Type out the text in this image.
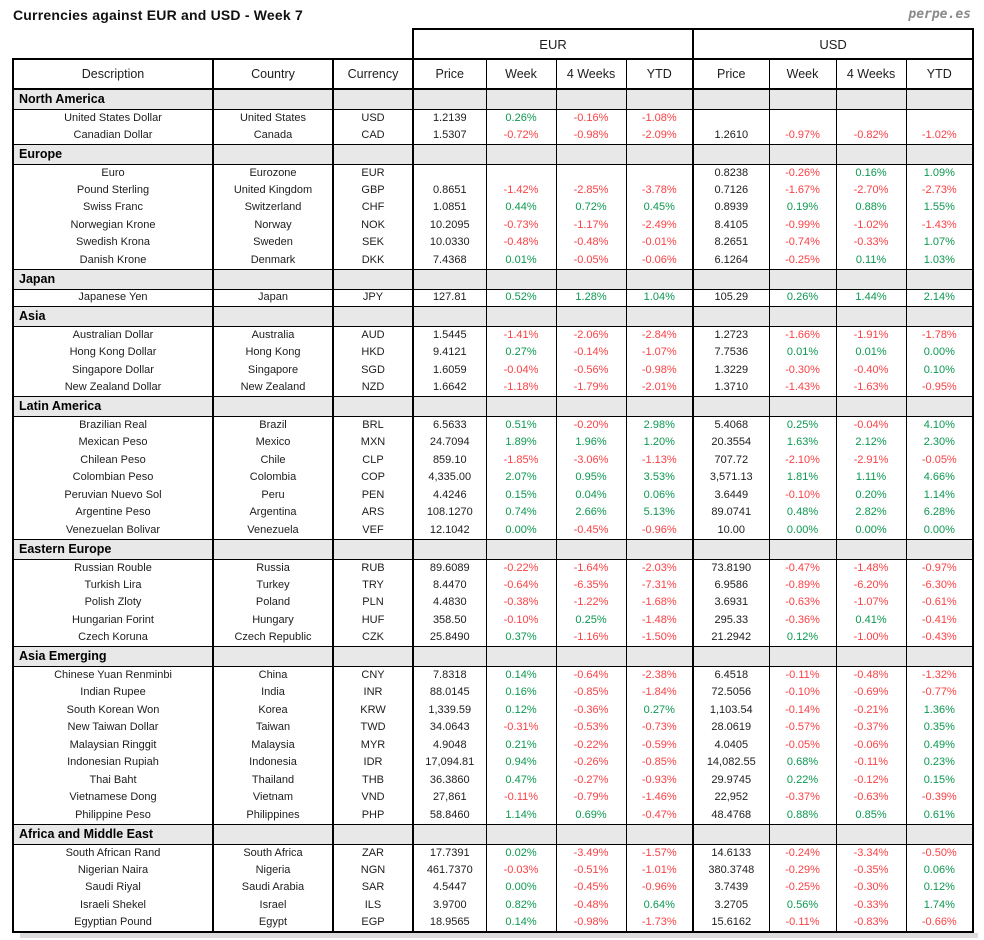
Currencies against EUR and USD - Week 7	perpe.es
			EUR				USD			
Description	Country	Currency	Price	Week	4 Weeks	YTD	Price	Week	4 Weeks	YTD
North America										
United States Dollar	United States	USD	1.2139	0.26%	-0.16%	-1.08%				
Canadian Dollar	Canada	CAD	1.5307	-0.72%	-0.98%	-2.09%	1.2610	-0.97%	-0.82%	-1.02%
Europe										
Euro	Eurozone	EUR					0.8238	-0.26%	0.16%	1.09%
Pound Sterling	United Kingdom	GBP	0.8651	-1.42%	-2.85%	-3.78%	0.7126	-1.67%	-2.70%	-2.73%
Swiss Franc	Switzerland	CHF	1.0851	0.44%	0.72%	0.45%	0.8939	0.19%	0.88%	1.55%
Norwegian Krone	Norway	NOK	10.2095	-0.73%	-1.17%	-2.49%	8.4105	-0.99%	-1.02%	-1.43%
Swedish Krona	Sweden	SEK	10.0330	-0.48%	-0.48%	-0.01%	8.2651	-0.74%	-0.33%	1.07%
Danish Krone	Denmark	DKK	7.4368	0.01%	-0.05%	-0.06%	6.1264	-0.25%	0.11%	1.03%
Japan										
Japanese Yen	Japan	JPY	127.81	0.52%	1.28%	1.04%	105.29	0.26%	1.44%	2.14%
Asia										
Australian Dollar	Australia	AUD	1.5445	-1.41%	-2.06%	-2.84%	1.2723	-1.66%	-1.91%	-1.78%
Hong Kong Dollar	Hong Kong	HKD	9.4121	0.27%	-0.14%	-1.07%	7.7536	0.01%	0.01%	0.00%
Singapore Dollar	Singapore	SGD	1.6059	-0.04%	-0.56%	-0.98%	1.3229	-0.30%	-0.40%	0.10%
New Zealand Dollar	New Zealand	NZD	1.6642	-1.18%	-1.79%	-2.01%	1.3710	-1.43%	-1.63%	-0.95%
Latin America										
Brazilian Real	Brazil	BRL	6.5633	0.51%	-0.20%	2.98%	5.4068	0.25%	-0.04%	4.10%
Mexican Peso	Mexico	MXN	24.7094	1.89%	1.96%	1.20%	20.3554	1.63%	2.12%	2.30%
Chilean Peso	Chile	CLP	859.10	-1.85%	-3.06%	-1.13%	707.72	-2.10%	-2.91%	-0.05%
Colombian Peso	Colombia	COP	4,335.00	2.07%	0.95%	3.53%	3,571.13	1.81%	1.11%	4.66%
Peruvian Nuevo Sol	Peru	PEN	4.4246	0.15%	0.04%	0.06%	3.6449	-0.10%	0.20%	1.14%
Argentine Peso	Argentina	ARS	108.1270	0.74%	2.66%	5.13%	89.0741	0.48%	2.82%	6.28%
Venezuelan Bolivar	Venezuela	VEF	12.1042	0.00%	-0.45%	-0.96%	10.00	0.00%	0.00%	0.00%
Eastern Europe										
Russian Rouble	Russia	RUB	89.6089	-0.22%	-1.64%	-2.03%	73.8190	-0.47%	-1.48%	-0.97%
Turkish Lira	Turkey	TRY	8.4470	-0.64%	-6.35%	-7.31%	6.9586	-0.89%	-6.20%	-6.30%
Polish Zloty	Poland	PLN	4.4830	-0.38%	-1.22%	-1.68%	3.6931	-0.63%	-1.07%	-0.61%
Hungarian Forint	Hungary	HUF	358.50	-0.10%	0.25%	-1.48%	295.33	-0.36%	0.41%	-0.41%
Czech Koruna	Czech Republic	CZK	25.8490	0.37%	-1.16%	-1.50%	21.2942	0.12%	-1.00%	-0.43%
Asia Emerging										
Chinese Yuan Renminbi	China	CNY	7.8318	0.14%	-0.64%	-2.38%	6.4518	-0.11%	-0.48%	-1.32%
Indian Rupee	India	INR	88.0145	0.16%	-0.85%	-1.84%	72.5056	-0.10%	-0.69%	-0.77%
South Korean Won	Korea	KRW	1,339.59	0.12%	-0.36%	0.27%	1,103.54	-0.14%	-0.21%	1.36%
New Taiwan Dollar	Taiwan	TWD	34.0643	-0.31%	-0.53%	-0.73%	28.0619	-0.57%	-0.37%	0.35%
Malaysian Ringgit	Malaysia	MYR	4.9048	0.21%	-0.22%	-0.59%	4.0405	-0.05%	-0.06%	0.49%
Indonesian Rupiah	Indonesia	IDR	17,094.81	0.94%	-0.26%	-0.85%	14,082.55	0.68%	-0.11%	0.23%
Thai Baht	Thailand	THB	36.3860	0.47%	-0.27%	-0.93%	29.9745	0.22%	-0.12%	0.15%
Vietnamese Dong	Vietnam	VND	27,861	-0.11%	-0.79%	-1.46%	22,952	-0.37%	-0.63%	-0.39%
Philippine Peso	Philippines	PHP	58.8460	1.14%	0.69%	-0.47%	48.4768	0.88%	0.85%	0.61%
Africa and Middle East										
South African Rand	South Africa	ZAR	17.7391	0.02%	-3.49%	-1.57%	14.6133	-0.24%	-3.34%	-0.50%
Nigerian Naira	Nigeria	NGN	461.7370	-0.03%	-0.51%	-1.01%	380.3748	-0.29%	-0.35%	0.06%
Saudi Riyal	Saudi Arabia	SAR	4.5447	0.00%	-0.45%	-0.96%	3.7439	-0.25%	-0.30%	0.12%
Israeli Shekel	Israel	ILS	3.9700	0.82%	-0.48%	0.64%	3.2705	0.56%	-0.33%	1.74%
Egyptian Pound	Egypt	EGP	18.9565	0.14%	-0.98%	-1.73%	15.6162	-0.11%	-0.83%	-0.66%
